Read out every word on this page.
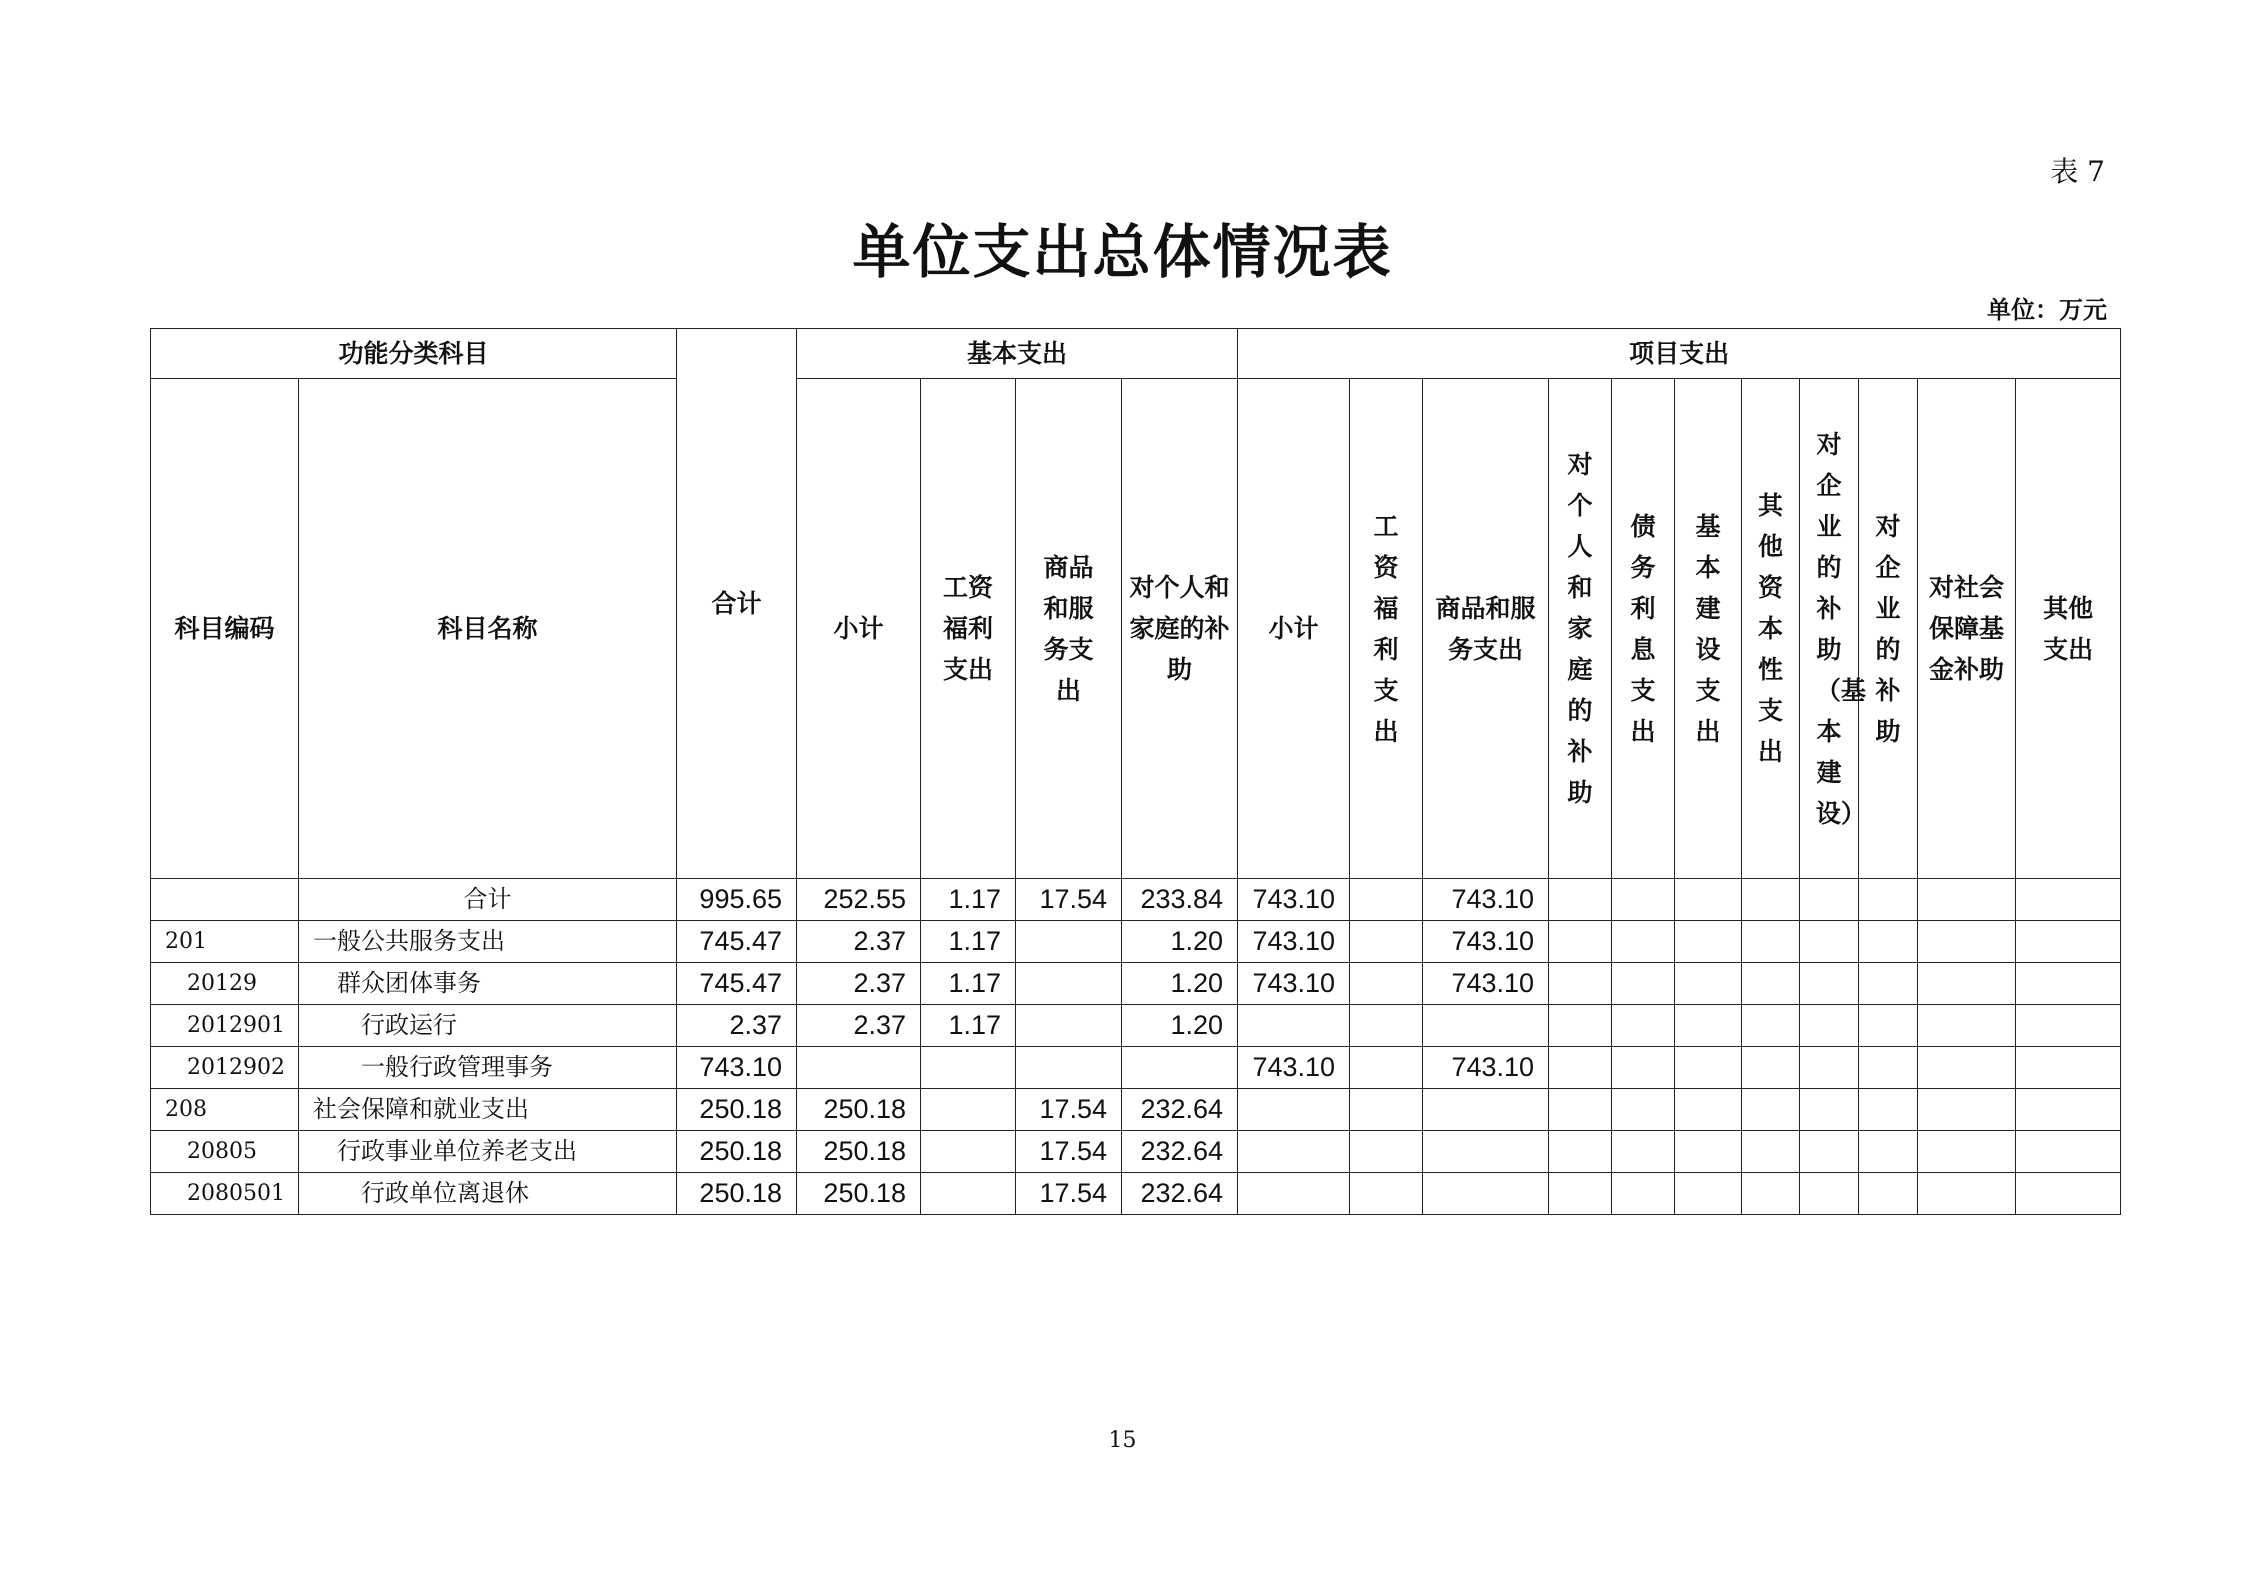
表 7
单位支出总体情况表
单位：万元
功能分类科目		合计	基本支出				项目支出										
科目编码	科目名称		小计	工资福利支出	商品和服务支出	对个人和家庭的补助	小计	工资福利支出	商品和服务支出	对个人和家庭的补助	债务利息支出	基本建设支出	其他资本性支出	对企业的补助（基本建设）	对企业的补助	对社会保障基金补助	其他支出
	合计	995.65	252.55	1.17	17.54	233.84	743.10		743.10								
201	一般公共服务支出	745.47	2.37	1.17		1.20	743.10		743.10								
20129	群众团体事务	745.47	2.37	1.17		1.20	743.10		743.10								
2012901	行政运行	2.37	2.37	1.17		1.20											
2012902	一般行政管理事务	743.10					743.10		743.10								
208	社会保障和就业支出	250.18	250.18		17.54	232.64											
20805	行政事业单位养老支出	250.18	250.18		17.54	232.64											
2080501	行政单位离退休	250.18	250.18		17.54	232.64											
15
